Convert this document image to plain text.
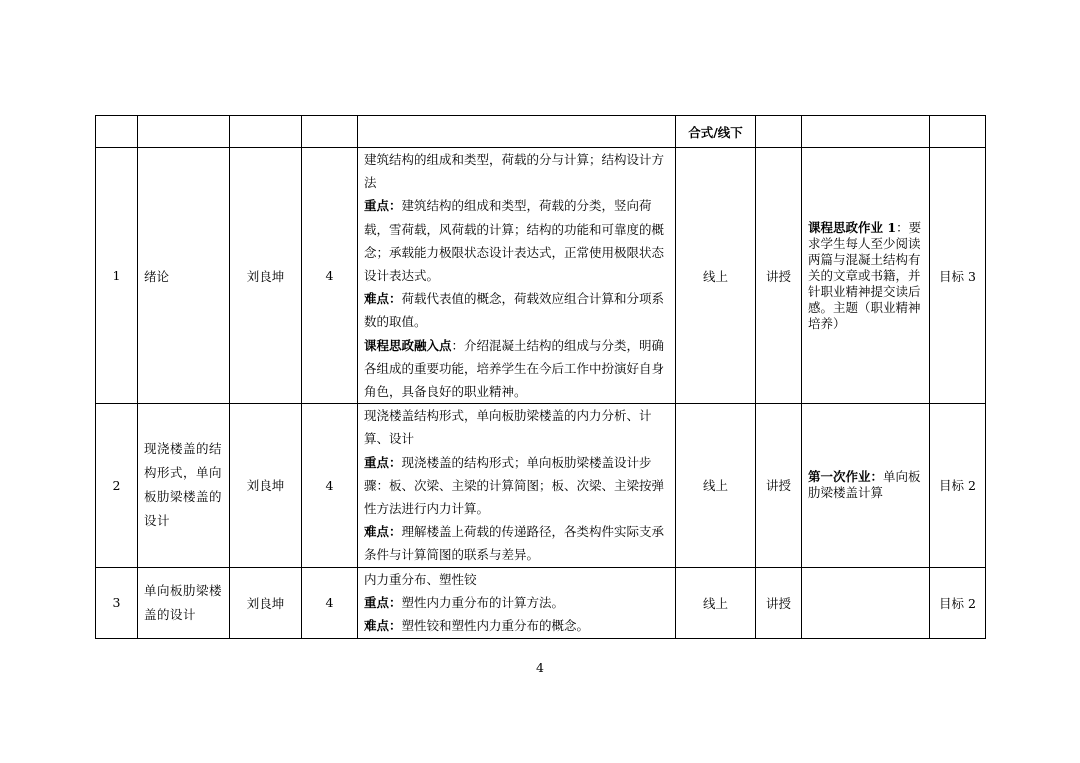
					合式/线下			
1	绪论	刘良坤	4	建筑结构的组成和类型，荷载的分与计算；结构设计方法

重点：建筑结构的组成和类型，荷载的分类，竖向荷载，雪荷载，风荷载的计算；结构的功能和可靠度的概念；承载能力极限状态设计表达式，正常使用极限状态设计表达式。

难点：荷载代表值的概念，荷载效应组合计算和分项系数的取值。

课程思政融入点：介绍混凝土结构的组成与分类，明确各组成的重要功能，培养学生在今后工作中扮演好自身角色，具备良好的职业精神。	线上	讲授	课程思政作业 1：要求学生每人至少阅读两篇与混凝土结构有关的文章或书籍，并针职业精神提交读后感。主题（职业精神培养）	目标 3
2	现浇楼盖的结构形式，单向板肋梁楼盖的设计	刘良坤	4	现浇楼盖结构形式，单向板肋梁楼盖的内力分析、计算、设计

重点：现浇楼盖的结构形式；单向板肋梁楼盖设计步骤：板、次梁、主梁的计算简图；板、次梁、主梁按弹性方法进行内力计算。

难点：理解楼盖上荷载的传递路径，各类构件实际支承条件与计算简图的联系与差异。	线上	讲授	第一次作业：单向板肋梁楼盖计算	目标 2
3	单向板肋梁楼盖的设计	刘良坤	4	内力重分布、塑性铰

重点：塑性内力重分布的计算方法。

难点：塑性铰和塑性内力重分布的概念。	线上	讲授		目标 2
4
